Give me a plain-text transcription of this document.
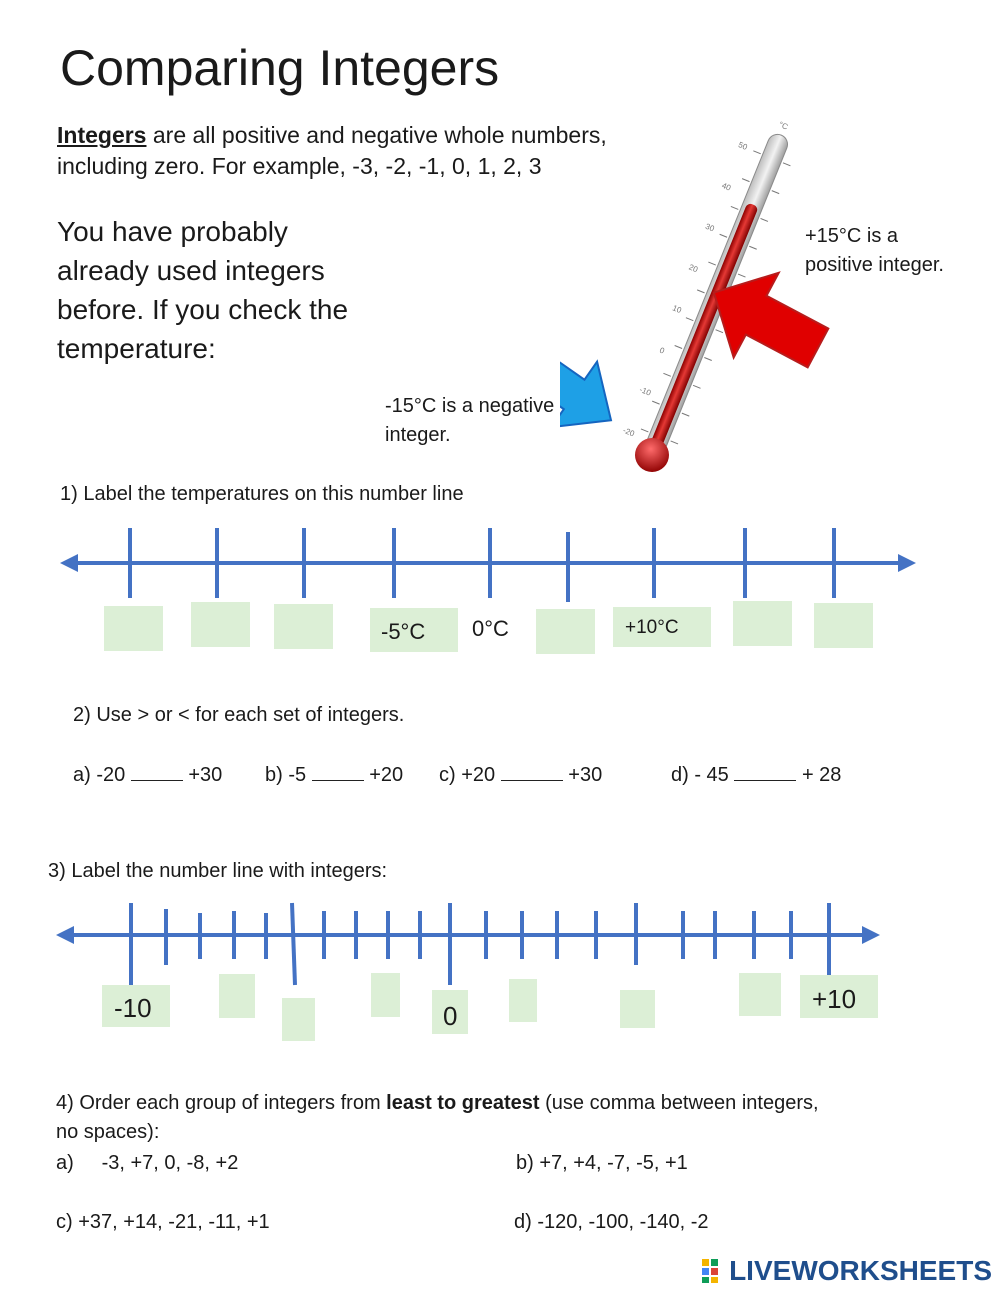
Comparing Integers
Integers are all positive and negative whole numbers,
including zero. For example, -3, -2, -1, 0, 1, 2, 3
You have probably already used integers before. If you check the temperature:
50
40
30
20
10
0
-10
-20
°C
+15°C is a
positive integer.
-15°C is a negative
integer.
1) Label the temperatures on this number line
-5°C 0°C	+10°C
2) Use > or < for each set of integers.
a) -20	+30 b) -5	+20 c) +20	+30	d) - 45	+ 28
3) Label the number line with integers:
-10	0
+10
4) Order each group of integers from least to greatest (use comma between integers,
no spaces):
a) -3, +7, 0, -8, +2	b) +7, +4, -7, -5, +1
c) +37, +14, -21, -11, +1	d) -120, -100, -140, -2
LIVEWORKSHEETS
